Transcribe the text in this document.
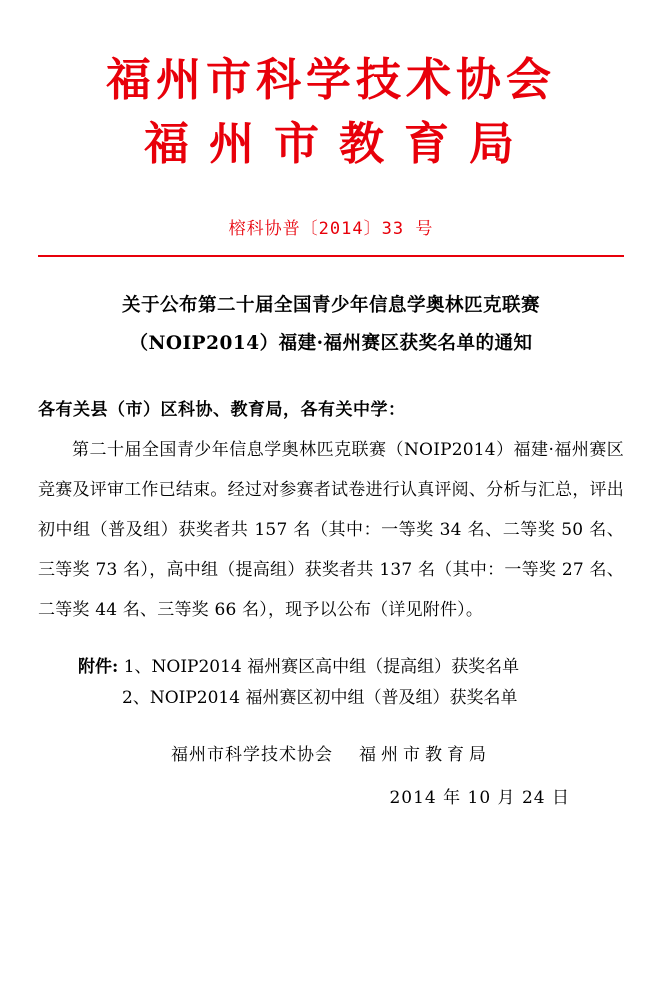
福州市科学技术协会
福州市教育局
榕科协普〔2014〕33 号
关于公布第二十届全国青少年信息学奥林匹克联赛
（NOIP2014）福建·福州赛区获奖名单的通知
各有关县（市）区科协、教育局，各有关中学：
第二十届全国青少年信息学奥林匹克联赛（NOIP2014）福建·福州赛区竞赛及评审工作已结束。经过对参赛者试卷进行认真评阅、分析与汇总，评出初中组（普及组）获奖者共 157 名（其中：一等奖 34 名、二等奖 50 名、三等奖 73 名），高中组（提高组）获奖者共 137 名（其中：一等奖 27 名、二等奖 44 名、三等奖 66 名），现予以公布（详见附件）。
附件: 1、NOIP2014 福州赛区高中组（提高组）获奖名单
2、NOIP2014 福州赛区初中组（普及组）获奖名单
福州市科学技术协会 福州市教育局
2014 年 10 月 24 日
